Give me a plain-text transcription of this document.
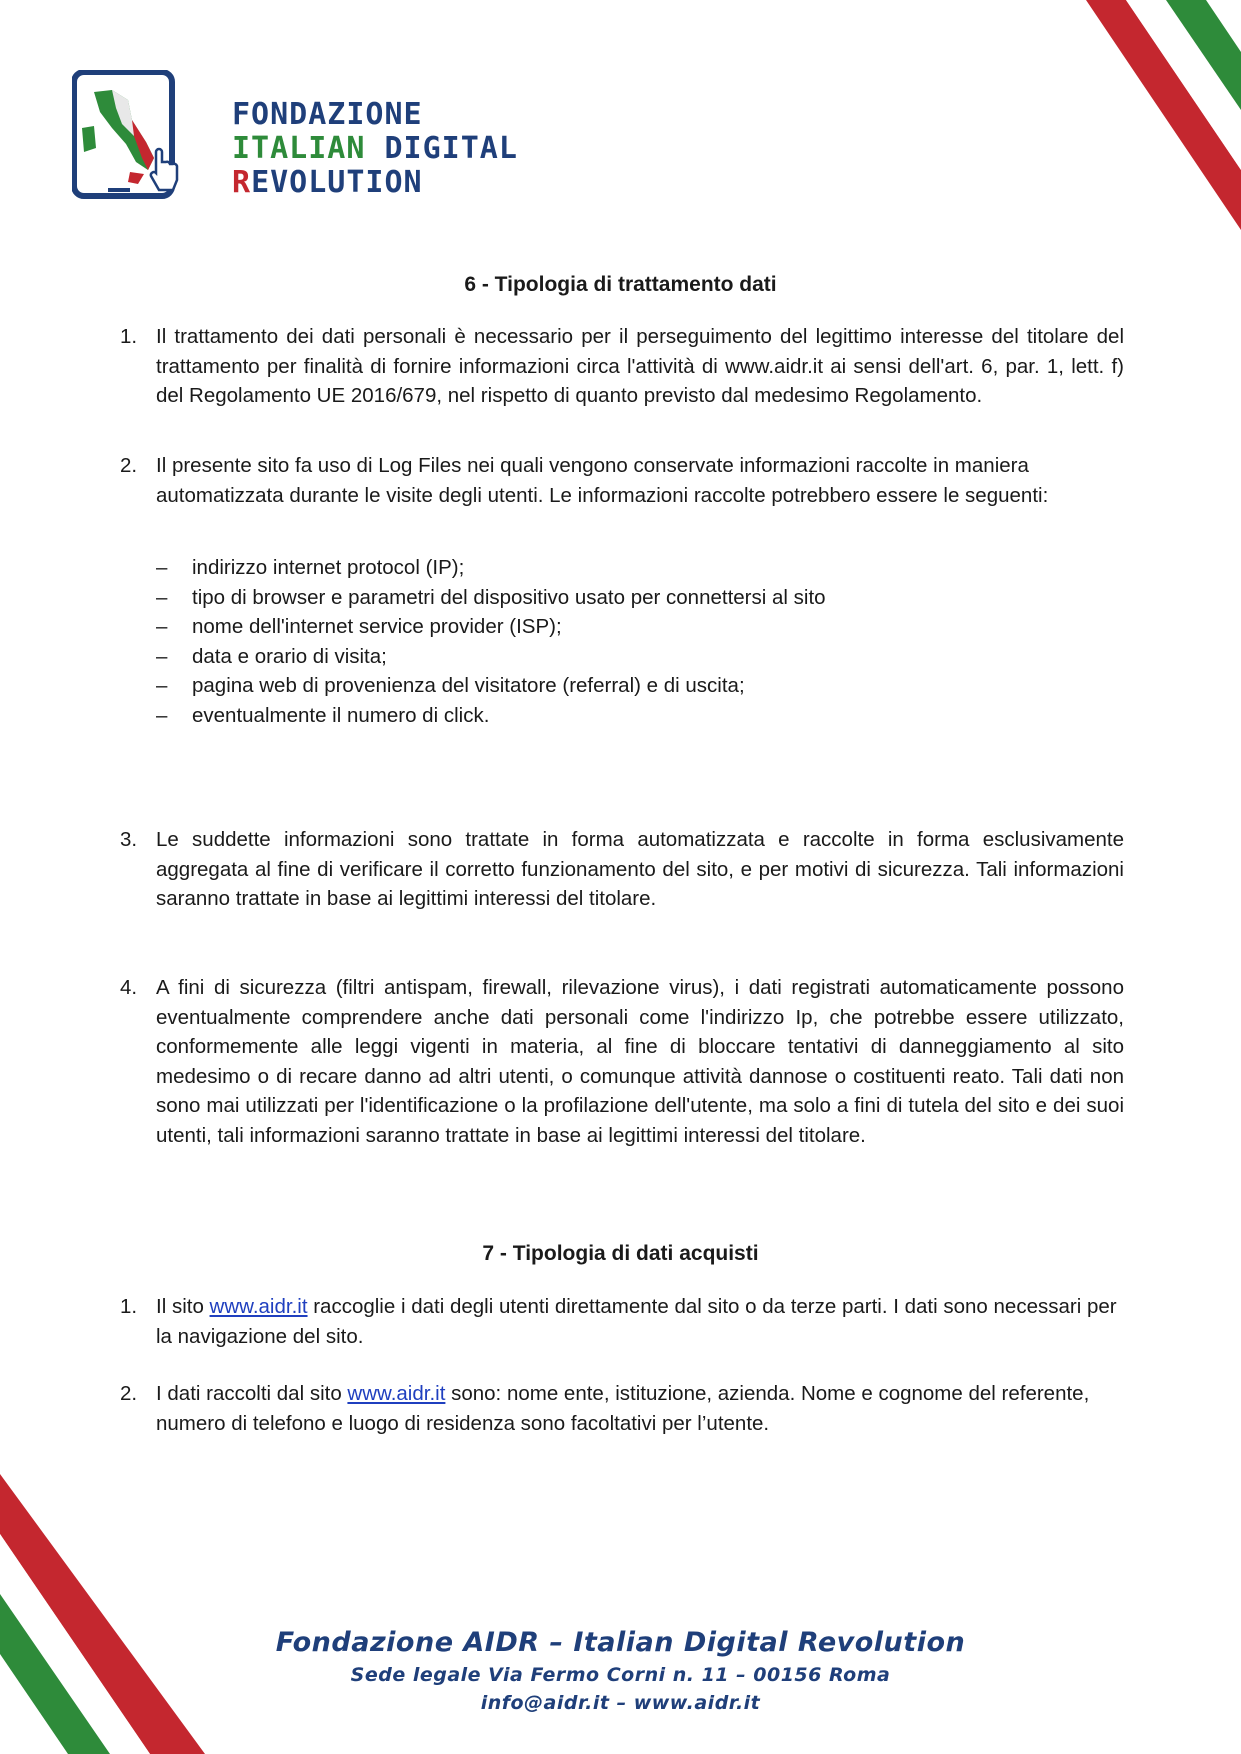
FONDAZIONE
ITALIAN DIGITAL
REVOLUTION
6 - Tipologia di trattamento dati
1. Il trattamento dei dati personali è necessario per il perseguimento del legittimo interesse del titolare del trattamento per finalità di fornire informazioni circa l'attività di www.aidr.it ai sensi dell'art. 6, par. 1, lett. f) del Regolamento UE 2016/679, nel rispetto di quanto previsto dal medesimo Regolamento.
2. Il presente sito fa uso di Log Files nei quali vengono conservate informazioni raccolte in maniera automatizzata durante le visite degli utenti. Le informazioni raccolte potrebbero essere le seguenti:
–	indirizzo internet protocol (IP);
–	tipo di browser e parametri del dispositivo usato per connettersi al sito
–	nome dell'internet service provider (ISP);
–	data e orario di visita;
–	pagina web di provenienza del visitatore (referral) e di uscita;
–	eventualmente il numero di click.
3. Le suddette informazioni sono trattate in forma automatizzata e raccolte in forma esclusivamente aggregata al fine di verificare il corretto funzionamento del sito, e per motivi di sicurezza. Tali informazioni saranno trattate in base ai legittimi interessi del titolare.
4. A fini di sicurezza (filtri antispam, firewall, rilevazione virus), i dati registrati automaticamente possono eventualmente comprendere anche dati personali come l'indirizzo Ip, che potrebbe essere utilizzato, conformemente alle leggi vigenti in materia, al fine di bloccare tentativi di danneggiamento al sito medesimo o di recare danno ad altri utenti, o comunque attività dannose o costituenti reato. Tali dati non sono mai utilizzati per l'identificazione o la profilazione dell'utente, ma solo a fini di tutela del sito e dei suoi utenti, tali informazioni saranno trattate in base ai legittimi interessi del titolare.
7 - Tipologia di dati acquisti
1. Il sito www.aidr.it raccoglie i dati degli utenti direttamente dal sito o da terze parti. I dati sono necessari per la navigazione del sito.
2. I dati raccolti dal sito www.aidr.it sono: nome ente, istituzione, azienda. Nome e cognome del referente, numero di telefono e luogo di residenza sono facoltativi per l’utente.
Fondazione AIDR – Italian Digital Revolution
Sede legale Via Fermo Corni n. 11 – 00156 Roma
info@aidr.it – www.aidr.it
